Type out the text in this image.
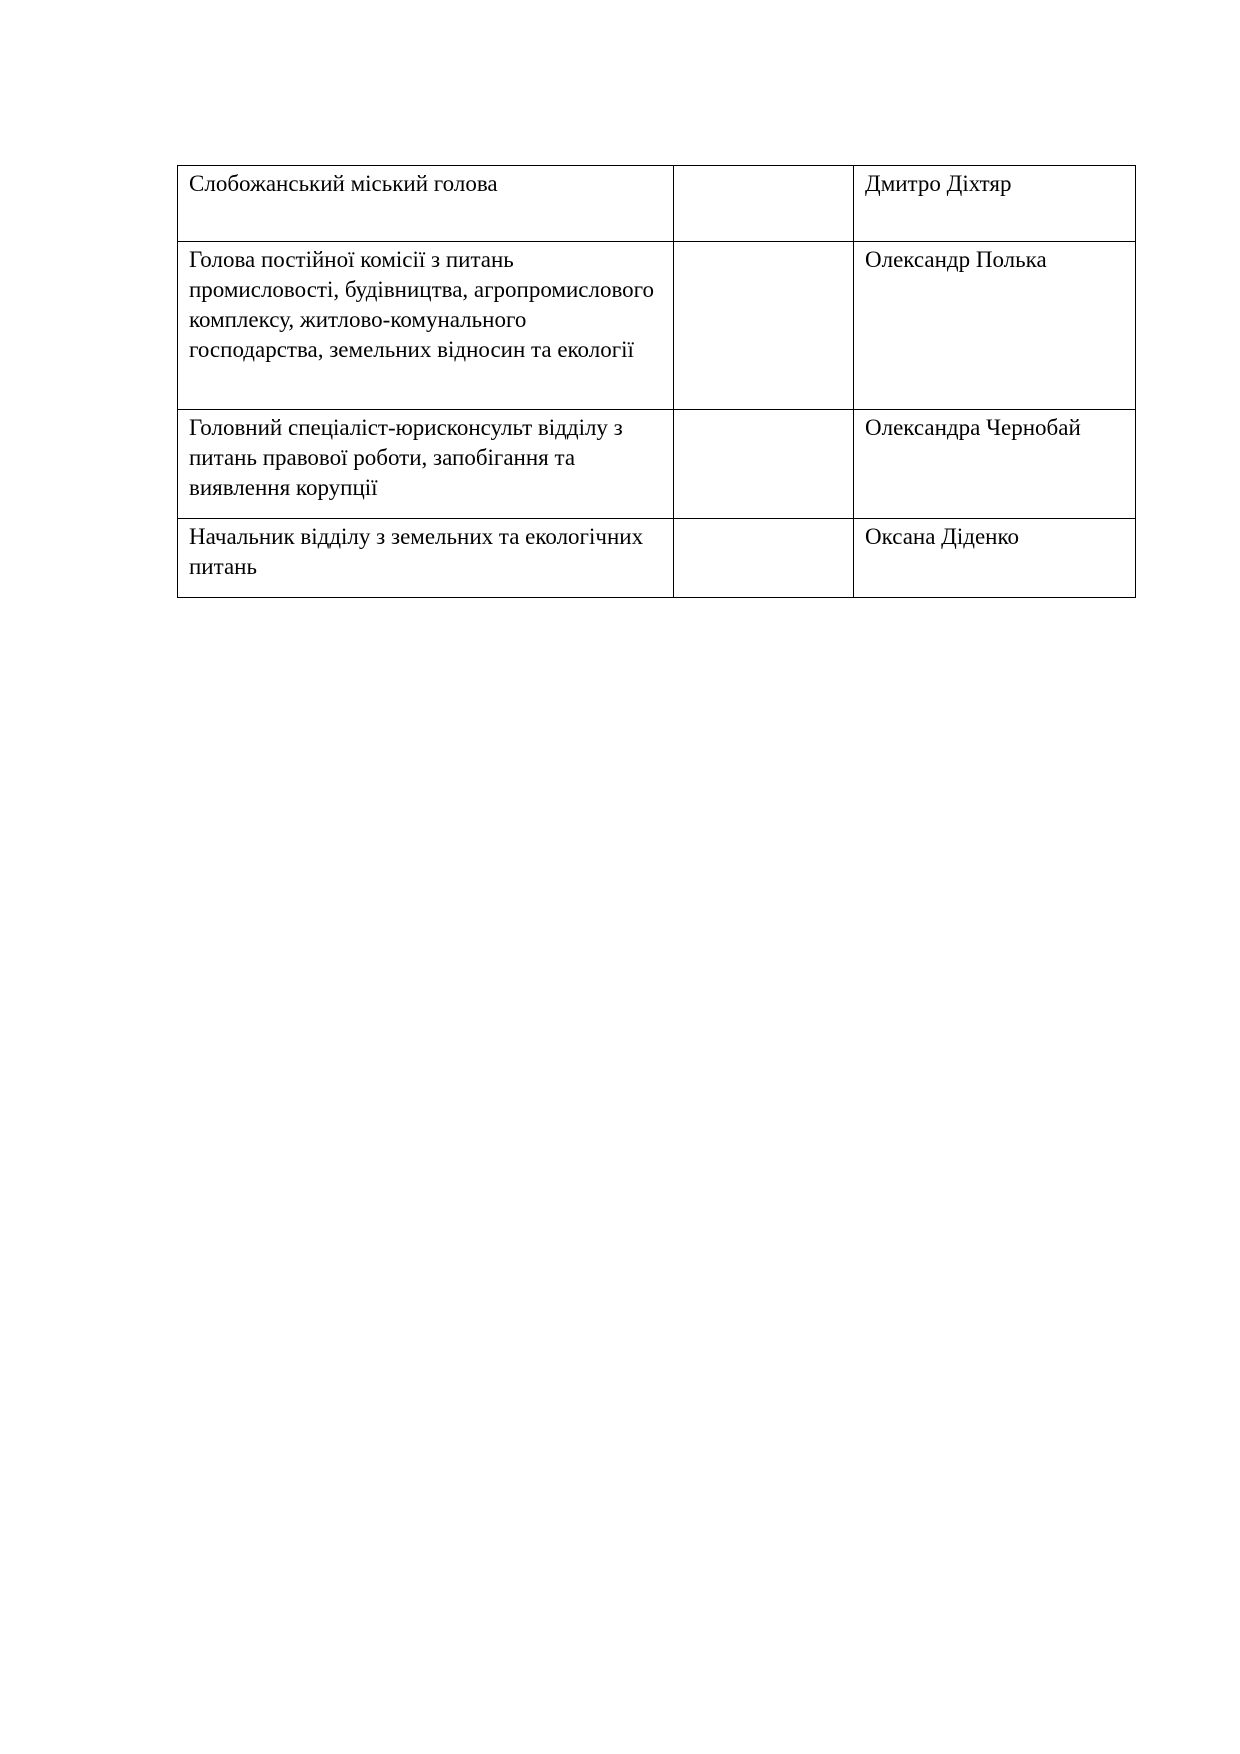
Слобожанський міський голова		Дмитро Діхтяр
Голова постійної комісії з питань промисловості, будівництва, агропромислового комплексу, житлово-комунального господарства, земельних відносин та екології		Олександр Полька
Головний спеціаліст-юрисконсульт відділу з питань правової роботи, запобігання та виявлення корупції		Олександра Чернобай
Начальник відділу з земельних та екологічних питань		Оксана Діденко
